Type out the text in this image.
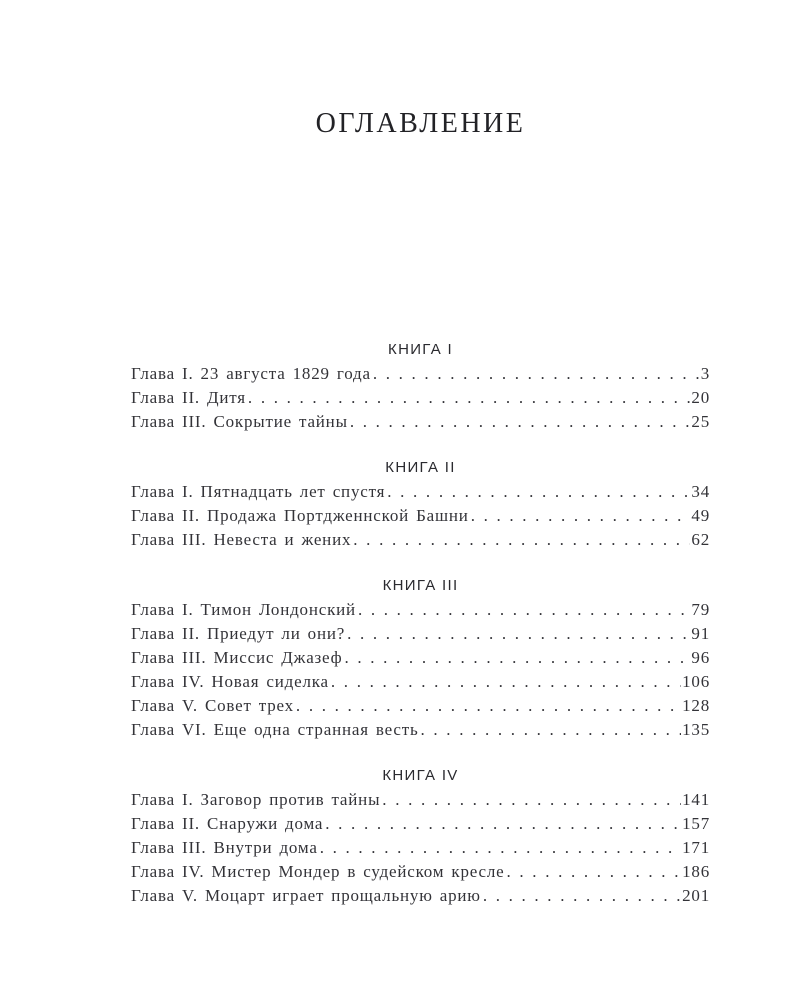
ОГЛАВЛЕНИЕ
КНИГА I
Глава I. 23 августа 1829 года . . .	3
Глава II. Дитя . . .	20
Глава III. Сокрытие тайны . . .	25
КНИГА II
Глава I. Пятнадцать лет спустя . . .	34
Глава II. Продажа Портдженнской Башни . . .	49
Глава III. Невеста и жених . . .	62
КНИГА III
Глава I. Тимон Лондонский . . .	79
Глава II. Приедут ли они? . . .	91
Глава III. Миссис Джазеф . . .	96
Глава IV. Новая сиделка . . .	106
Глава V. Совет трех . . .	128
Глава VI. Еще одна странная весть . . .	135
КНИГА IV
Глава I. Заговор против тайны . . .	141
Глава II. Снаружи дома . . .	157
Глава III. Внутри дома . . .	171
Глава IV. Мистер Мондер в судейском кресле . . .	186
Глава V. Моцарт играет прощальную арию . . .	201
